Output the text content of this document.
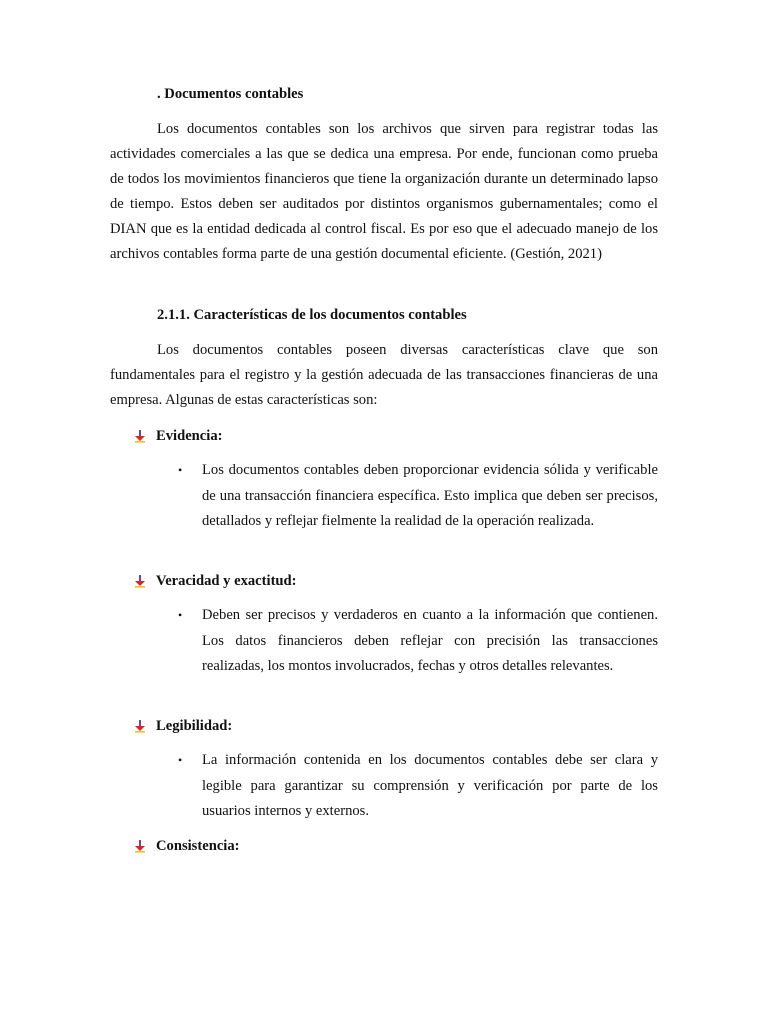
. Documentos contables

Los documentos contables son los archivos que sirven para registrar todas las actividades comerciales a las que se dedica una empresa. Por ende, funcionan como prueba de todos los movimientos financieros que tiene la organización durante un determinado lapso de tiempo. Estos deben ser auditados por distintos organismos gubernamentales; como el DIAN que es la entidad dedicada al control fiscal. Es por eso que el adecuado manejo de los archivos contables forma parte de una gestión documental eficiente. (Gestión, 2021)

2.1.1. Características de los documentos contables

Los documentos contables poseen diversas características clave que son fundamentales para el registro y la gestión adecuada de las transacciones financieras de una empresa. Algunas de estas características son:

Evidencia:
•	Los documentos contables deben proporcionar evidencia sólida y verificable de una transacción financiera específica. Esto implica que deben ser precisos, detallados y reflejar fielmente la realidad de la operación realizada.

Veracidad y exactitud:
•	Deben ser precisos y verdaderos en cuanto a la información que contienen. Los datos financieros deben reflejar con precisión las transacciones realizadas, los montos involucrados, fechas y otros detalles relevantes.

Legibilidad:
•	La información contenida en los documentos contables debe ser clara y legible para garantizar su comprensión y verificación por parte de los usuarios internos y externos.

Consistencia:
